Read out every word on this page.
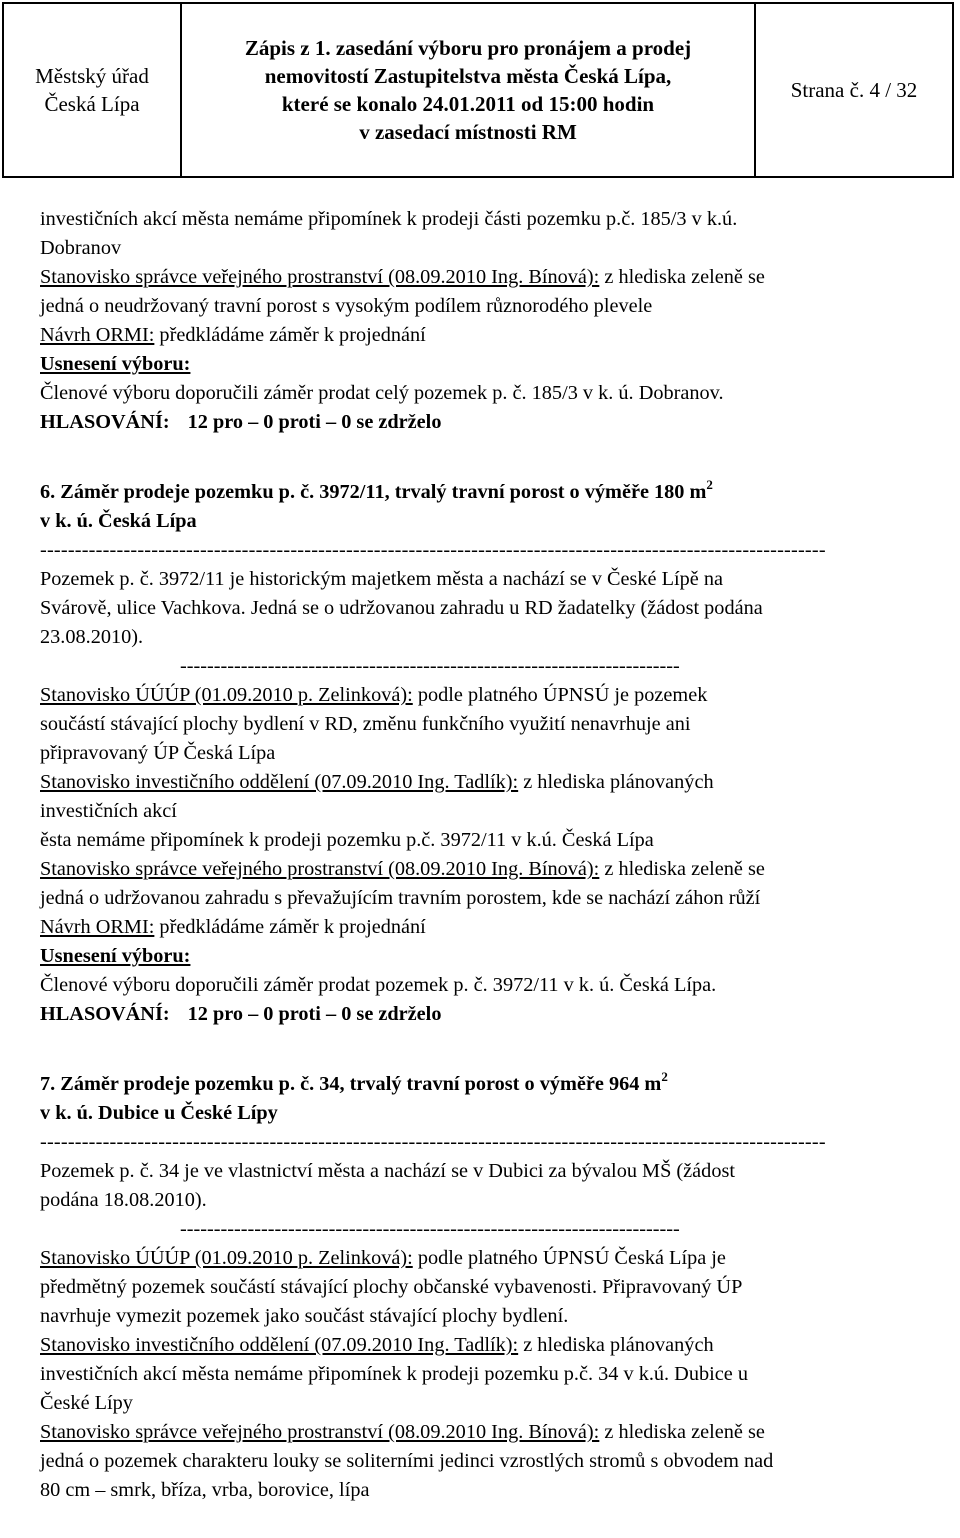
Městský úřad
Česká Lípa
Zápis z 1. zasedání výboru pro pronájem a prodej
nemovitostí Zastupitelstva města Česká Lípa,
které se konalo 24.01.2011 od 15:00 hodin
v zasedací místnosti RM
Strana č. 4 / 32
investičních akcí města nemáme připomínek k prodeji části pozemku p.č. 185/3 v k.ú.
Dobranov
Stanovisko správce veřejného prostranství (08.09.2010 Ing. Bínová): z hlediska zeleně se
jedná o neudržovaný travní porost s vysokým podílem různorodého plevele
Návrh ORMI: předkládáme záměr k projednání
Usnesení výboru:
Členové výboru doporučili záměr prodat celý pozemek p. č. 185/3 v k. ú. Dobranov.
HLASOVÁNÍ: 12 pro – 0 proti – 0 se zdrželo
6. Záměr prodeje pozemku p. č. 3972/11, trvalý travní porost o výměře 180 $m^2$
v k. ú. Česká Lípa
-----------------------------------------------------------------------------------------------------------------
Pozemek p. č. 3972/11 je historickým majetkem města a nachází se v České Lípě na
Svárově, ulice Vachkova. Jedná se o udržovanou zahradu u RD žadatelky (žádost podána
23.08.2010).
--------------------------------------------------------------------------
Stanovisko ÚÚÚP (01.09.2010 p. Zelinková): podle platného ÚPNSÚ je pozemek
součástí stávající plochy bydlení v RD, změnu funkčního využití nenavrhuje ani
připravovaný ÚP Česká Lípa
Stanovisko investičního oddělení (07.09.2010 Ing. Tadlík): z hlediska plánovaných
investičních akcí
ěsta nemáme připomínek k prodeji pozemku p.č. 3972/11 v k.ú. Česká Lípa
Stanovisko správce veřejného prostranství (08.09.2010 Ing. Bínová): z hlediska zeleně se
jedná o udržovanou zahradu s převažujícím travním porostem, kde se nachází záhon růží
Návrh ORMI: předkládáme záměr k projednání
Usnesení výboru:
Členové výboru doporučili záměr prodat pozemek p. č. 3972/11 v k. ú. Česká Lípa.
HLASOVÁNÍ: 12 pro – 0 proti – 0 se zdrželo
7. Záměr prodeje pozemku p. č. 34, trvalý travní porost o výměře 964 $m^2$
v k. ú. Dubice u České Lípy
-----------------------------------------------------------------------------------------------------------------
Pozemek p. č. 34 je ve vlastnictví města a nachází se v Dubici za bývalou MŠ (žádost
podána 18.08.2010).
--------------------------------------------------------------------------
Stanovisko ÚÚÚP (01.09.2010 p. Zelinková): podle platného ÚPNSÚ Česká Lípa je
předmětný pozemek součástí stávající plochy občanské vybavenosti. Připravovaný ÚP
navrhuje vymezit pozemek jako součást stávající plochy bydlení.
Stanovisko investičního oddělení (07.09.2010 Ing. Tadlík): z hlediska plánovaných
investičních akcí města nemáme připomínek k prodeji pozemku p.č. 34 v k.ú. Dubice u
České Lípy
Stanovisko správce veřejného prostranství (08.09.2010 Ing. Bínová): z hlediska zeleně se
jedná o pozemek charakteru louky se soliterními jedinci vzrostlých stromů s obvodem nad
80 cm – smrk, bříza, vrba, borovice, lípa
